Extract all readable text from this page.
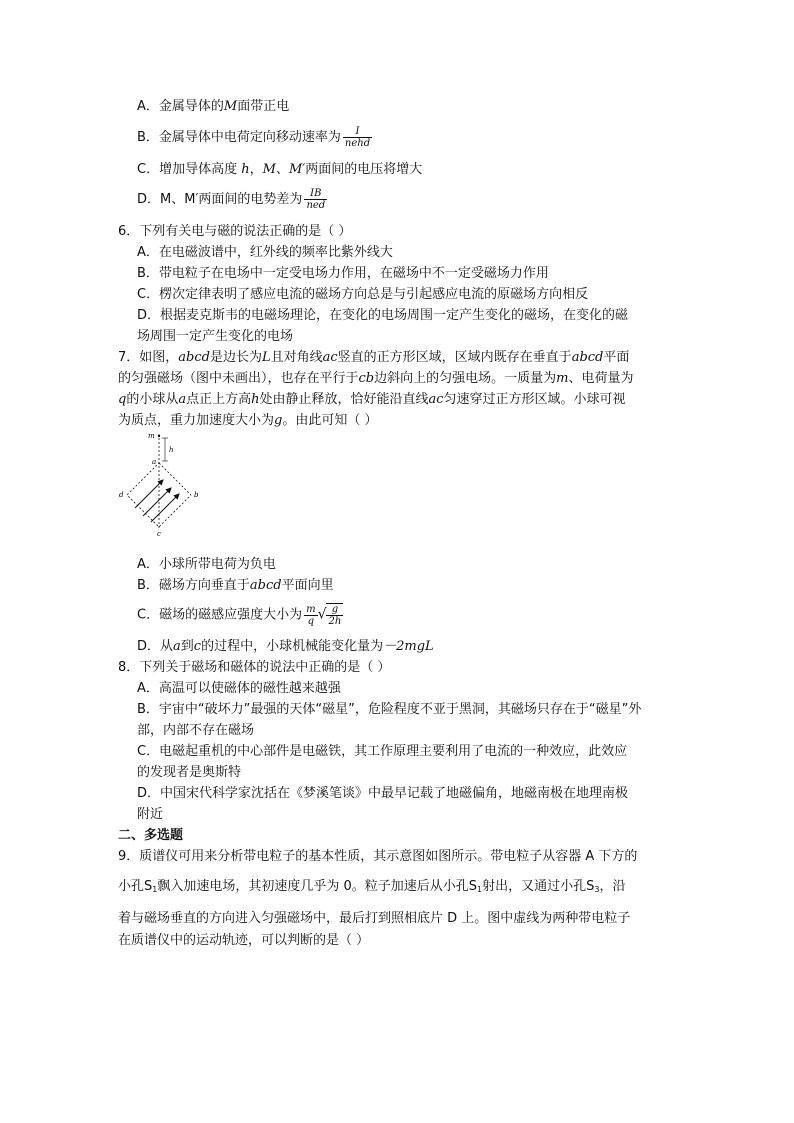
A．金属导体的M面带正电
B．金属导体中电荷定向移动速率为 $\frac{I}{\text{nehd}}$
C．增加导体高度 h，M、M′两面间的电压将增大
D．M、M′两面间的电势差为 $\frac{IB}{\text{ned}}$
6．下列有关电与磁的说法正确的是（ ）
A．在电磁波谱中，红外线的频率比紫外线大
B．带电粒子在电场中一定受电场力作用，在磁场中不一定受磁场力作用
C．楞次定律表明了感应电流的磁场方向总是与引起感应电流的原磁场方向相反
D．根据麦克斯韦的电磁场理论，在变化的电场周围一定产生变化的磁场，在变化的磁
场周围一定产生变化的电场
7．如图，abcd是边长为L且对角线ac竖直的正方形区域，区域内既存在垂直于abcd平面
的匀强磁场（图中未画出），也存在平行于cb边斜向上的匀强电场。一质量为m、电荷量为
q的小球从a点正上方高h处由静止释放，恰好能沿直线ac匀速穿过正方形区域。小球可视
为质点，重力加速度大小为g。由此可知（ ）
m
h
a
b
c
d
A．小球所带电荷为负电
B．磁场方向垂直于abcd平面向里
C．磁场的磁感应强度大小为 $\frac{m}{q}$ √ $\frac{g}{2h}$
D．从a到c的过程中，小球机械能变化量为－2mgL
8．下列关于磁场和磁体的说法中正确的是（ ）
A．高温可以使磁体的磁性越来越强
B．宇宙中“破坏力”最强的天体“磁星”，危险程度不亚于黑洞，其磁场只存在于“磁星”外
部，内部不存在磁场
C．电磁起重机的中心部件是电磁铁，其工作原理主要利用了电流的一种效应，此效应
的发现者是奥斯特
D．中国宋代科学家沈括在《梦溪笔谈》中最早记载了地磁偏角，地磁南极在地理南极
附近
二、多选题
9．质谱仪可用来分析带电粒子的基本性质，其示意图如图所示。带电粒子从容器 A 下方的
小孔$S_1$飘入加速电场，其初速度几乎为 0。粒子加速后从小孔$S_1$射出，又通过小孔$S_3$，沿
着与磁场垂直的方向进入匀强磁场中，最后打到照相底片 D 上。图中虚线为两种带电粒子
在质谱仪中的运动轨迹，可以判断的是（ ）
